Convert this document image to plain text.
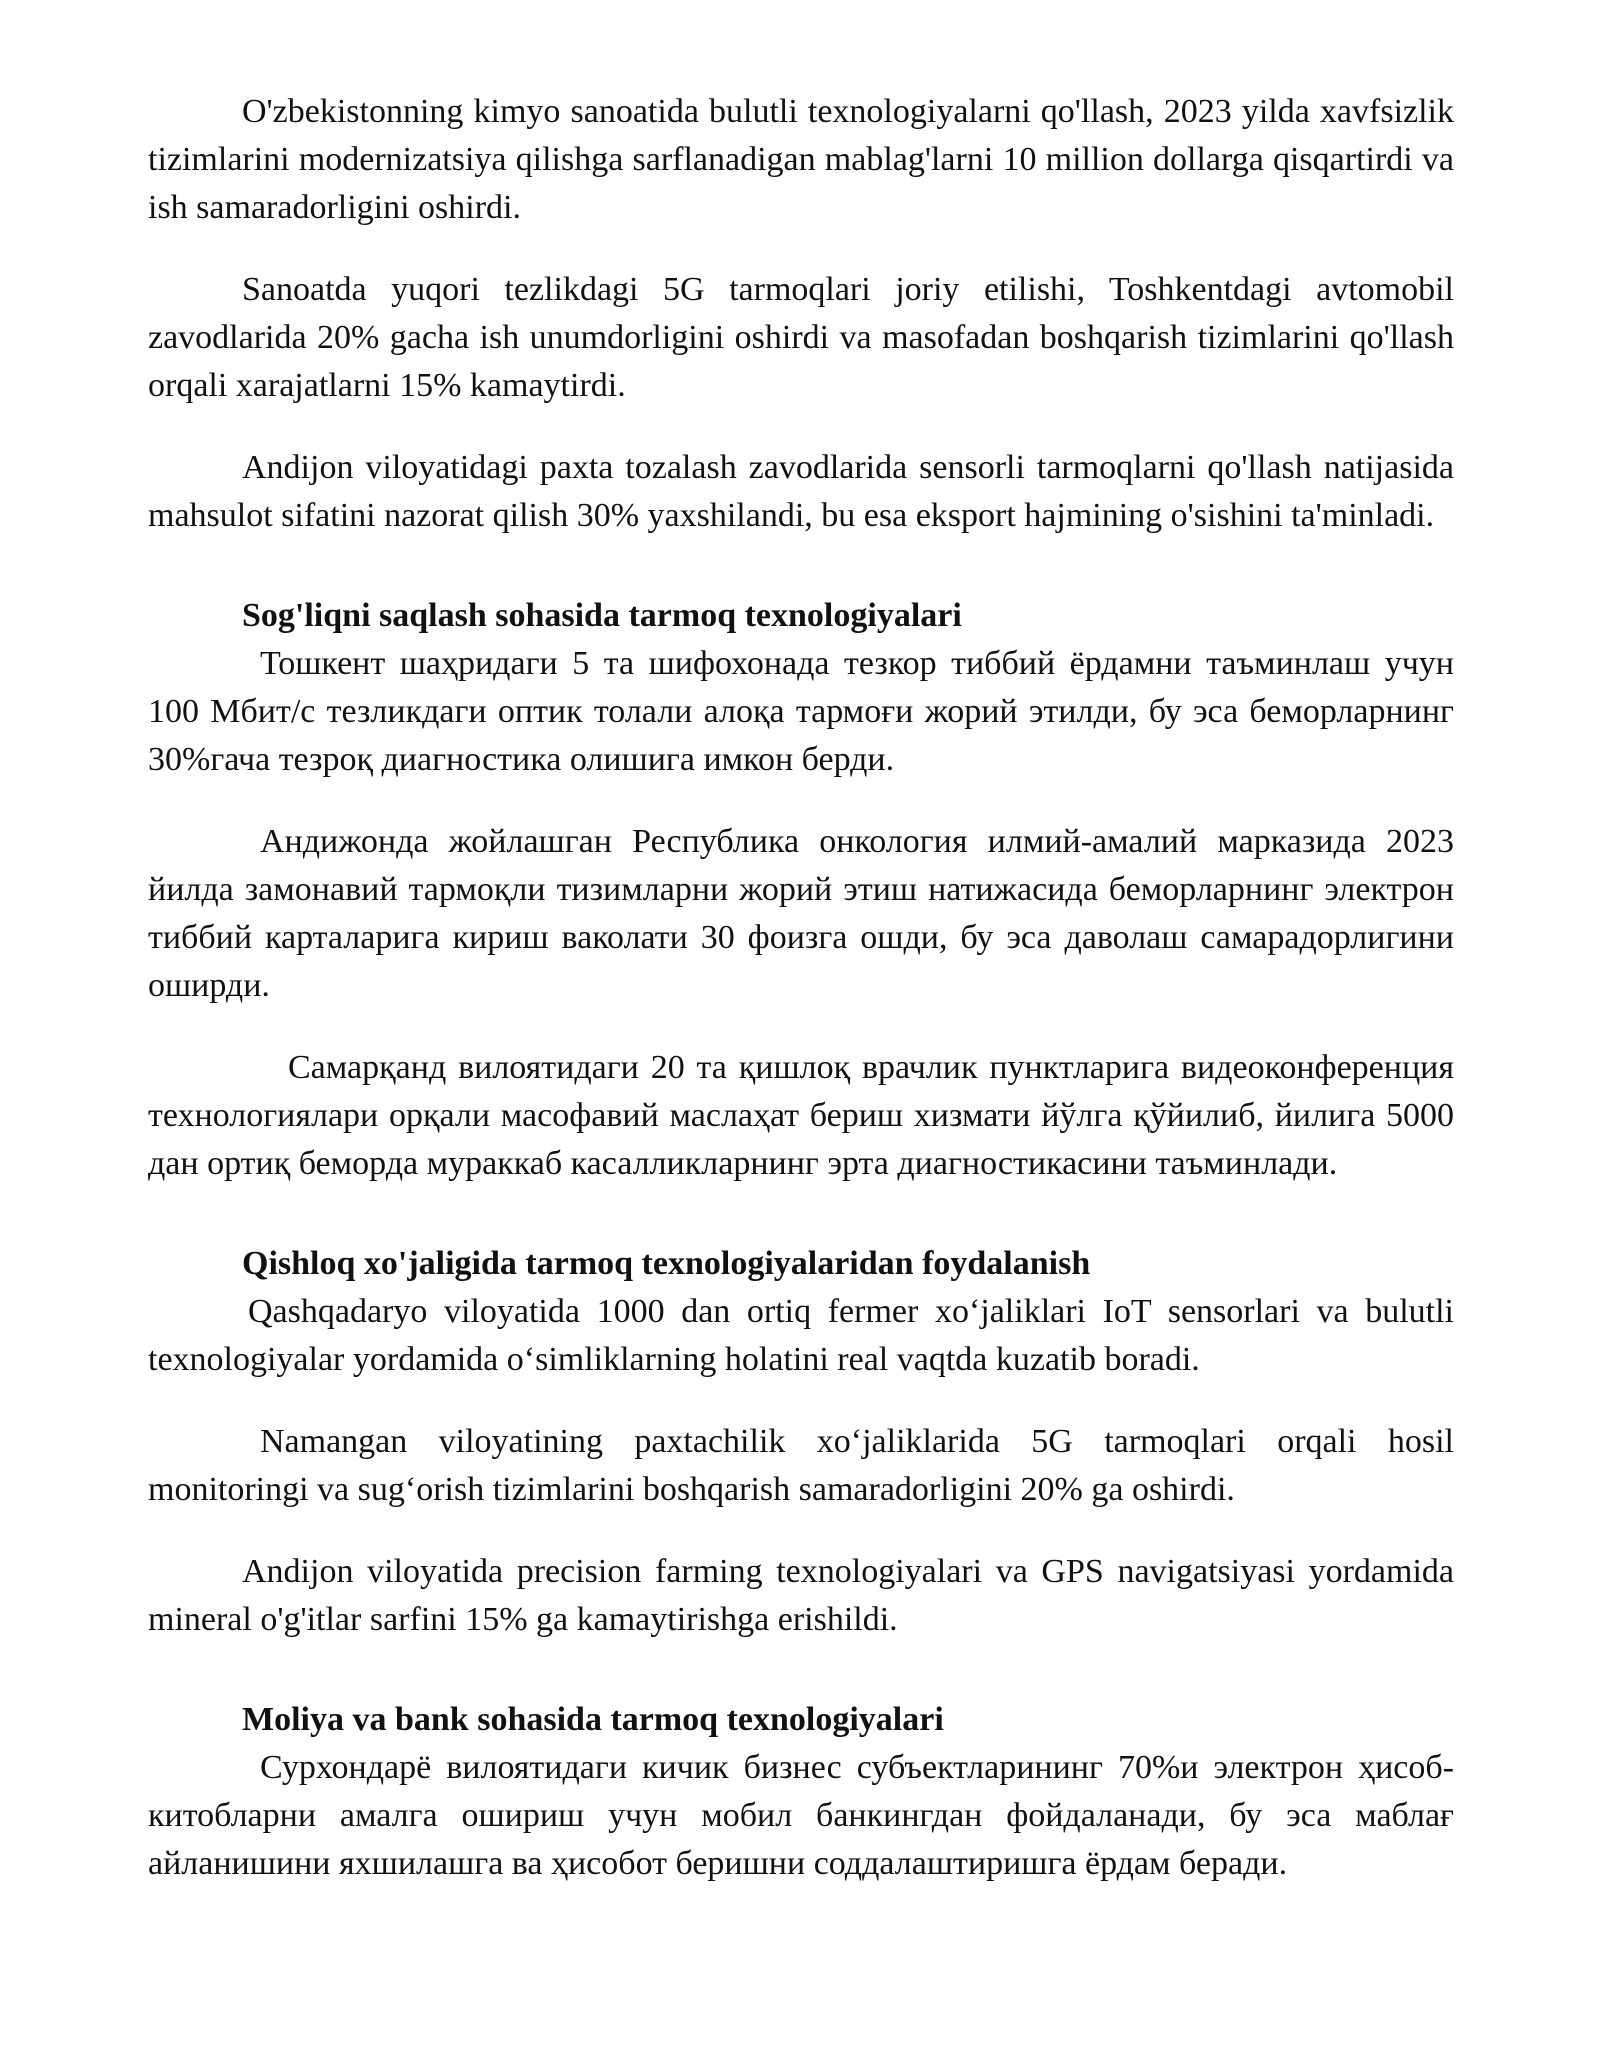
O'zbekistonning kimyo sanoatida bulutli texnologiyalarni qo'llash, 2023 yilda xavfsizlik tizimlarini modernizatsiya qilishga sarflanadigan mablag'larni 10 million dollarga qisqartirdi va ish samaradorligini oshirdi.

Sanoatda yuqori tezlikdagi 5G tarmoqlari joriy etilishi, Toshkentdagi avtomobil zavodlarida 20% gacha ish unumdorligini oshirdi va masofadan boshqarish tizimlarini qo'llash orqali xarajatlarni 15% kamaytirdi.

Andijon viloyatidagi paxta tozalash zavodlarida sensorli tarmoqlarni qo'llash natijasida mahsulot sifatini nazorat qilish 30% yaxshilandi, bu esa eksport hajmining o'sishini ta'minladi.

Sog'liqni saqlash sohasida tarmoq texnologiyalari

Тошкент шаҳридаги 5 та шифохонада тезкор тиббий ёрдамни таъминлаш учун 100 Мбит/с тезликдаги оптик толали алоқа тармоғи жорий этилди, бу эса беморларнинг 30%гача тезроқ диагностика олишига имкон берди.

Андижонда жойлашган Республика онкология илмий-амалий марказида 2023 йилда замонавий тармоқли тизимларни жорий этиш натижасида беморларнинг электрон тиббий карталарига кириш ваколати 30 фоизга ошди, бу эса даволаш самарадорлигини оширди.

Самарқанд вилоятидаги 20 та қишлоқ врачлик пунктларига видеоконференция технологиялари орқали масофавий маслаҳат бериш хизмати йўлга қўйилиб, йилига 5000 дан ортиқ беморда мураккаб касалликларнинг эрта диагностикасини таъминлади.

Qishloq xo'jaligida tarmoq texnologiyalaridan foydalanish

Qashqadaryo viloyatida 1000 dan ortiq fermer xoʻjaliklari IoT sensorlari va bulutli texnologiyalar yordamida oʻsimliklarning holatini real vaqtda kuzatib boradi.

Namangan viloyatining paxtachilik xoʻjaliklarida 5G tarmoqlari orqali hosil monitoringi va sugʻorish tizimlarini boshqarish samaradorligini 20% ga oshirdi.

Andijon viloyatida precision farming texnologiyalari va GPS navigatsiyasi yordamida mineral o'g'itlar sarfini 15% ga kamaytirishga erishildi.

Moliya va bank sohasida tarmoq texnologiyalari

Сурхондарё вилоятидаги кичик бизнес субъектларининг 70%и электрон ҳисоб-китобларни амалга ошириш учун мобил банкингдан фойдаланади, бу эса маблағ айланишини яхшилашга ва ҳисобот беришни соддалаштиришга ёрдам беради.
